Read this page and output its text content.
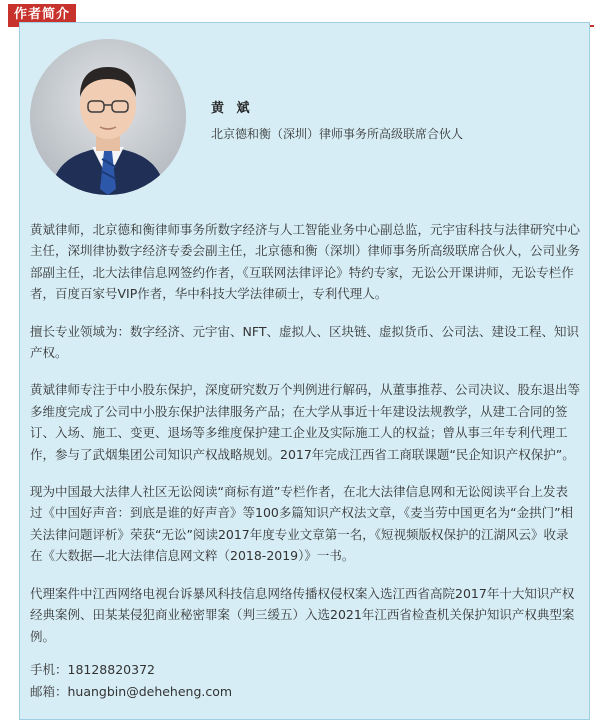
作者简介
黄 斌
北京德和衡（深圳）律师事务所高级联席合伙人

黄斌律师，北京德和衡律师事务所数字经济与人工智能业务中心副总监，元宇宙科技与法律研究中心主任，深圳律协数字经济专委会副主任，北京德和衡（深圳）律师事务所高级联席合伙人，公司业务部副主任，北大法律信息网签约作者，《互联网法律评论》特约专家，无讼公开课讲师，无讼专栏作者，百度百家号VIP作者，华中科技大学法律硕士，专利代理人。

擅长专业领域为：数字经济、元宇宙、NFT、虚拟人、区块链、虚拟货币、公司法、建设工程、知识产权。

黄斌律师专注于中小股东保护，深度研究数万个判例进行解码，从董事推荐、公司决议、股东退出等多维度完成了公司中小股东保护法律服务产品；在大学从事近十年建设法规教学，从建工合同的签订、入场、施工、变更、退场等多维度保护建工企业及实际施工人的权益；曾从事三年专利代理工作，参与了武烟集团公司知识产权战略规划。2017年完成江西省工商联课题“民企知识产权保护”。

现为中国最大法律人社区无讼阅读“商标有道”专栏作者，在北大法律信息网和无讼阅读平台上发表过《中国好声音：到底是谁的好声音》等100多篇知识产权法文章，《麦当劳中国更名为“金拱门”相关法律问题评析》荣获“无讼”阅读2017年度专业文章第一名，《短视频版权保护的江湖风云》收录在《大数据—北大法律信息网文粹（2018-2019）》一书。

代理案件中江西网络电视台诉暴风科技信息网络传播权侵权案入选江西省高院2017年十大知识产权经典案例、田某某侵犯商业秘密罪案（判三缓五）入选2021年江西省检查机关保护知识产权典型案例。

手机：18128820372
邮箱：huangbin@deheheng.com
